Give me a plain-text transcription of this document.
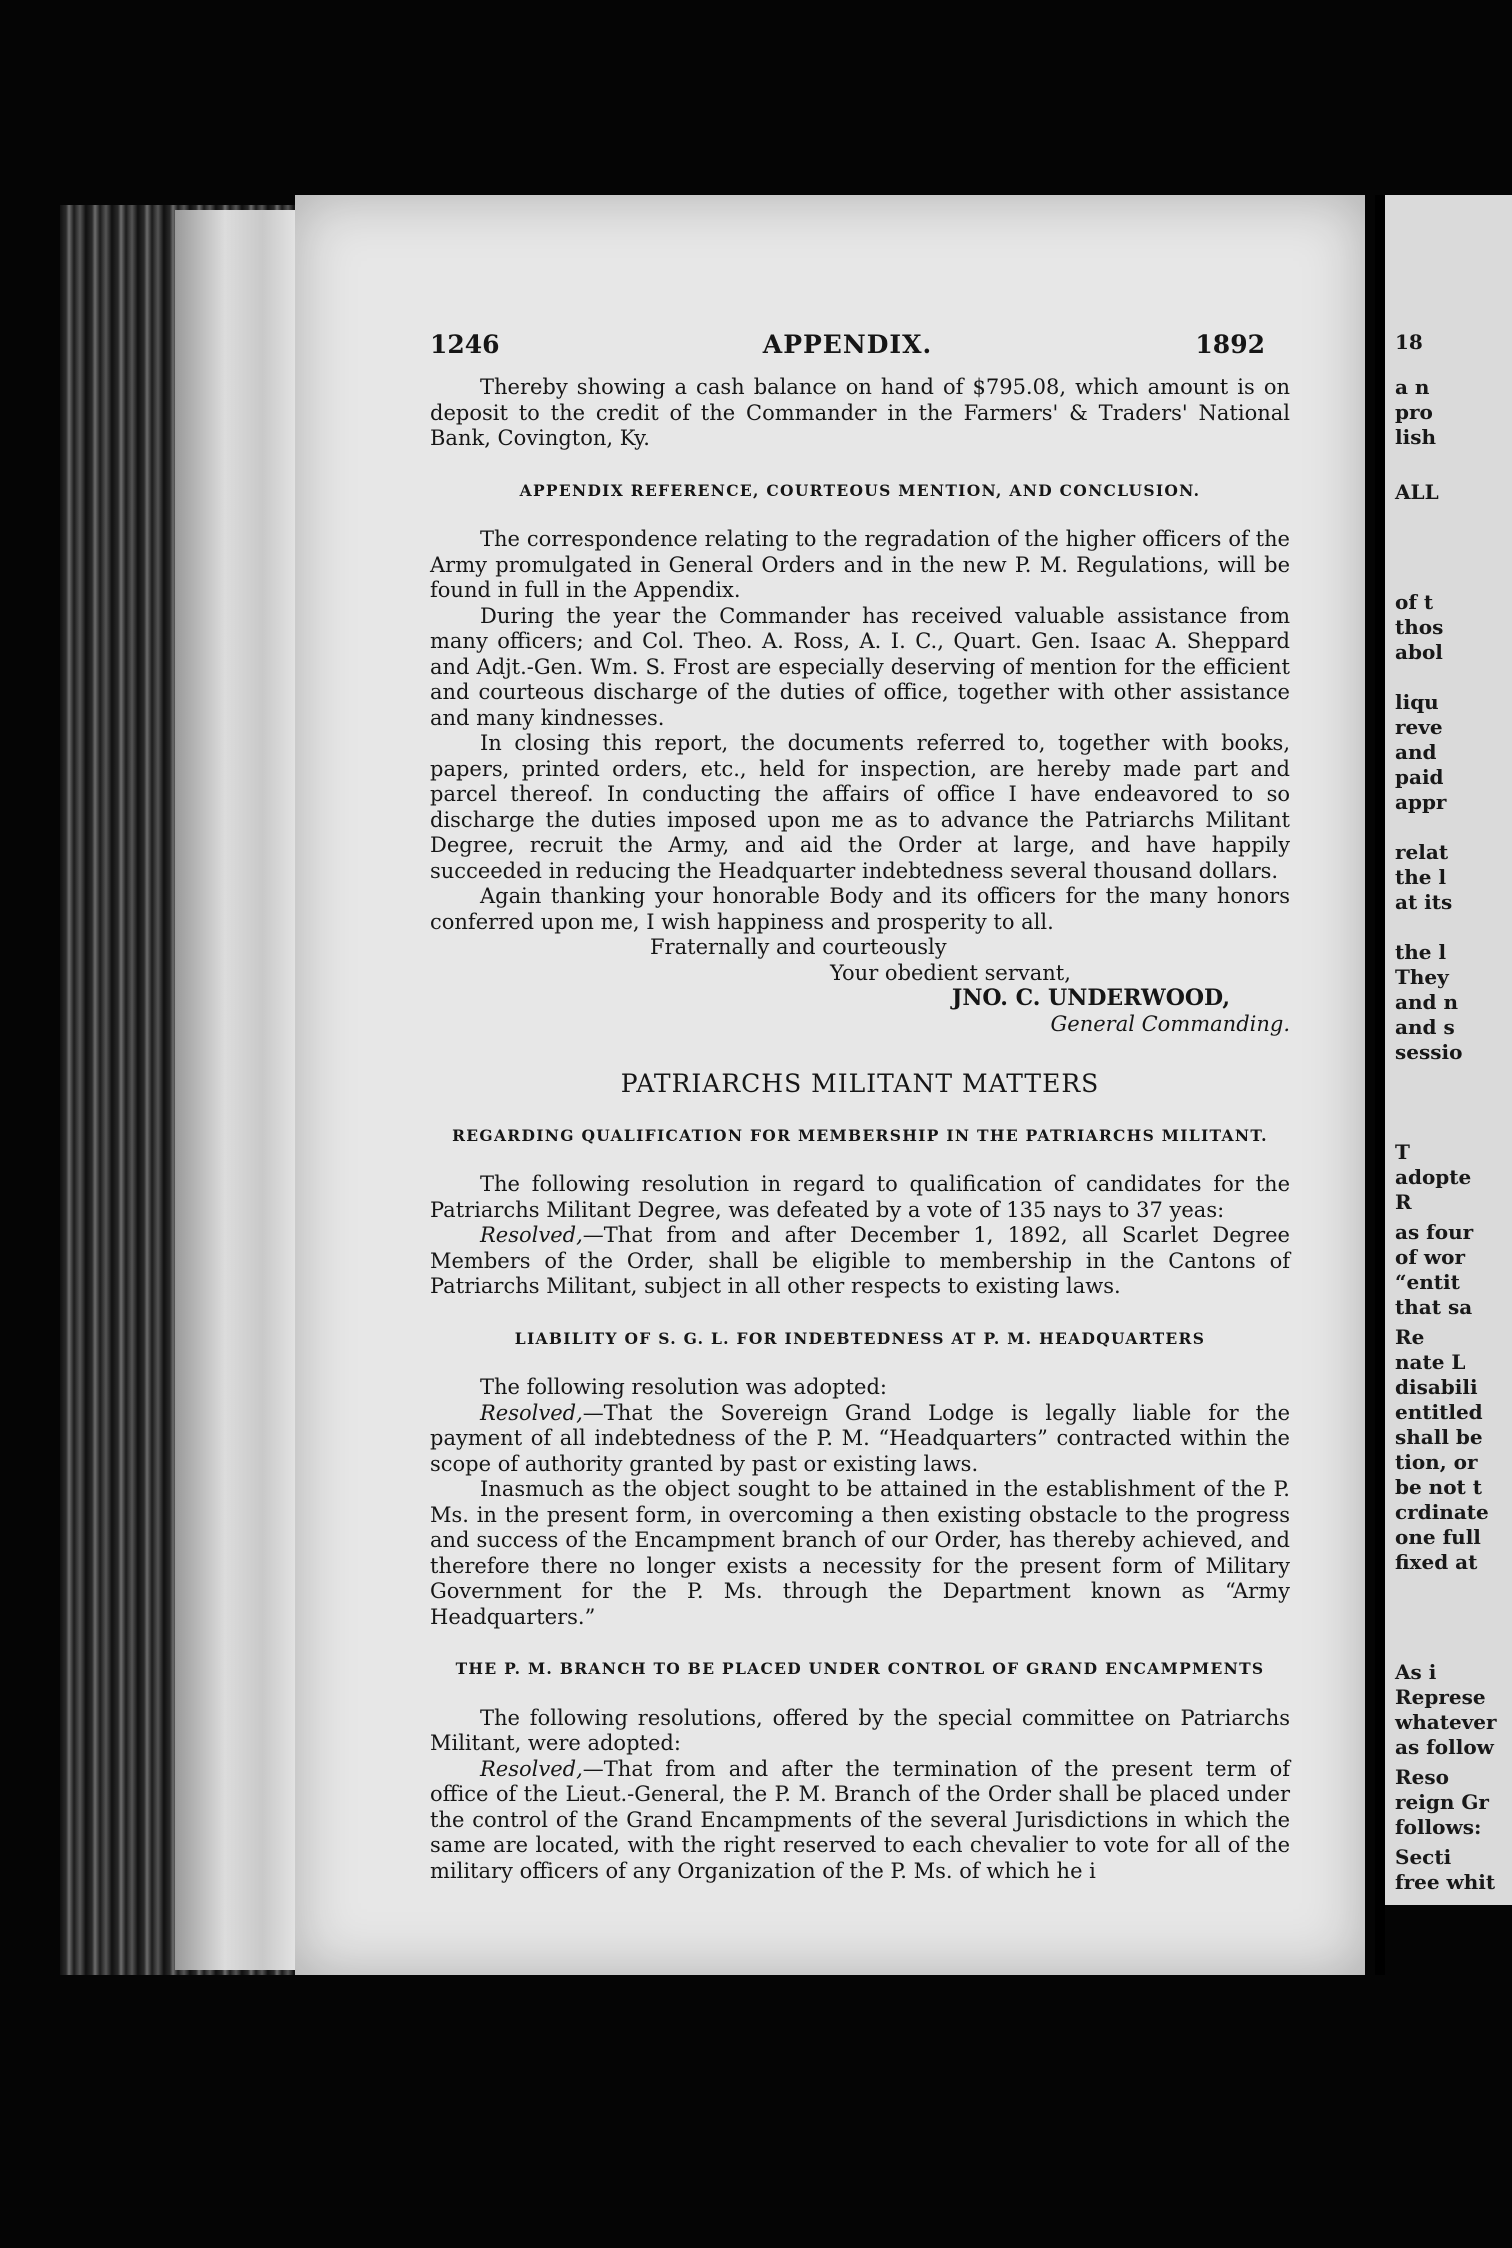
1246	APPENDIX.	1892

Thereby showing a cash balance on hand of $795.08, which amount is on deposit to the credit of the Commander in the Farmers' & Traders' National Bank, Covington, Ky.

APPENDIX REFERENCE, COURTEOUS MENTION, AND CONCLUSION.

The correspondence relating to the regradation of the higher officers of the Army promulgated in General Orders and in the new P. M. Regulations, will be found in full in the Appendix.

During the year the Commander has received valuable assistance from many officers; and Col. Theo. A. Ross, A. I. C., Quart. Gen. Isaac A. Sheppard and Adjt.-Gen. Wm. S. Frost are especially deserving of mention for the efficient and courteous discharge of the duties of office, together with other assistance and many kindnesses.

In closing this report, the documents referred to, together with books, papers, printed orders, etc., held for inspection, are hereby made part and parcel thereof. In conducting the affairs of office I have endeavored to so discharge the duties imposed upon me as to advance the Patriarchs Militant Degree, recruit the Army, and aid the Order at large, and have happily succeeded in reducing the Headquarter indebtedness several thousand dollars.

Again thanking your honorable Body and its officers for the many honors conferred upon me, I wish happiness and prosperity to all.

Fraternally and courteously
Your obedient servant,
JNO. C. UNDERWOOD,
General Commanding.
PATRIARCHS MILITANT MATTERS
REGARDING QUALIFICATION FOR MEMBERSHIP IN THE PATRIARCHS MILITANT.

The following resolution in regard to qualification of candidates for the Patriarchs Militant Degree, was defeated by a vote of 135 nays to 37 yeas:

Resolved,—That from and after December 1, 1892, all Scarlet Degree Members of the Order, shall be eligible to membership in the Cantons of Patriarchs Militant, subject in all other respects to existing laws.

LIABILITY OF S. G. L. FOR INDEBTEDNESS AT P. M. HEADQUARTERS

The following resolution was adopted:

Resolved,—That the Sovereign Grand Lodge is legally liable for the payment of all indebtedness of the P. M. “Headquarters” contracted within the scope of authority granted by past or existing laws.

Inasmuch as the object sought to be attained in the establishment of the P. Ms. in the present form, in overcoming a then existing obstacle to the progress and success of the Encampment branch of our Order, has thereby achieved, and therefore there no longer exists a necessity for the present form of Military Government for the P. Ms. through the Department known as “Army Headquarters.”

THE P. M. BRANCH TO BE PLACED UNDER CONTROL OF GRAND ENCAMPMENTS

The following resolutions, offered by the special committee on Patriarchs Militant, were adopted:

Resolved,—That from and after the termination of the present term of office of the Lieut.-General, the P. M. Branch of the Order shall be placed under the control of the Grand Encampments of the several Jurisdictions in which the same are located, with the right reserved to each chevalier to vote for all of the military officers of any Organization of the P. Ms. of which he i

18
a n
pro
lish
ALL
of t
thos
abol
liqu
reve
and
paid
appr
relat
the l
at its
the l
They
and n
and s
sessio
T
adopte
R
as four
of wor
“entit
that sa
Re
nate L
disabili
entitled
shall be
tion, or
be not t
crdinate
one full
fixed at
As i
Represe
whatever
as follow
Reso
reign Gr
follows:
Secti
free whit
